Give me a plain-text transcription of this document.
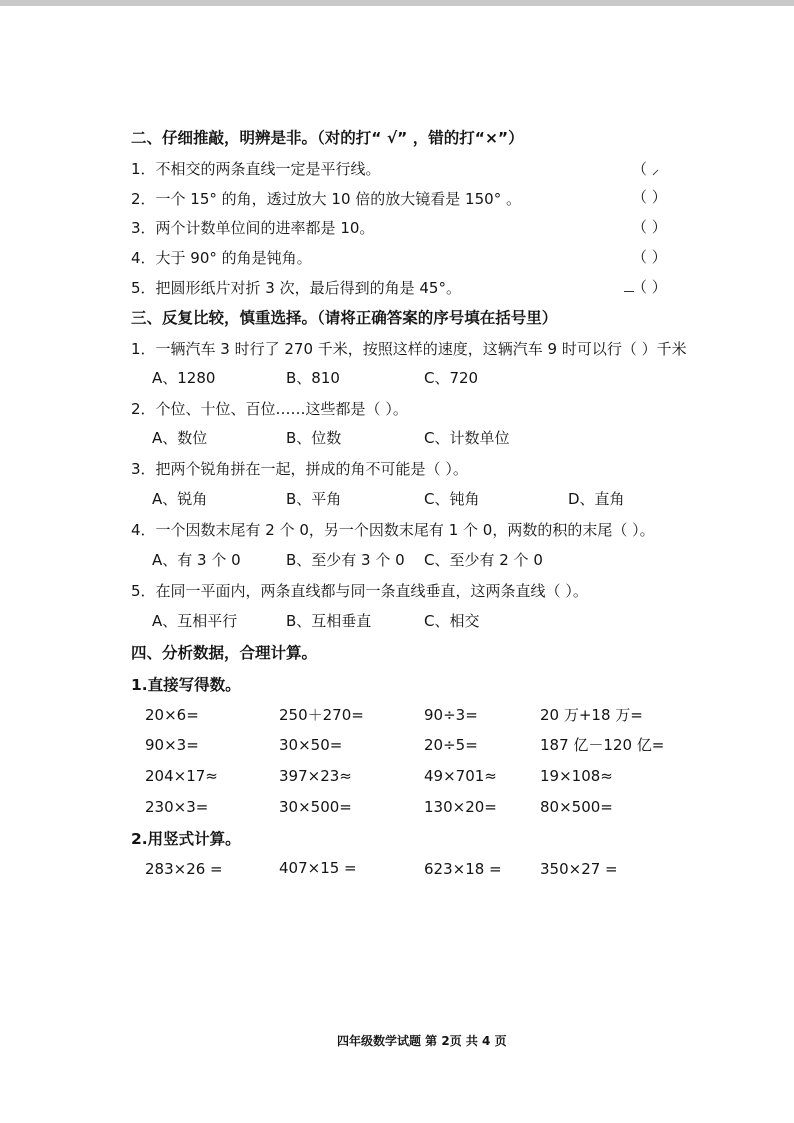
二、仔细推敲，明辨是非。（对的打“ √” ，错的打“×”）
1．不相交的两条直线一定是平行线。	（ ⸝
2．一个 15° 的角，透过放大 10 倍的放大镜看是 150° 。	（ ）
3．两个计数单位间的进率都是 10。	（ ）
4．大于 90° 的角是钝角。	（ ）
5．把圆形纸片对折 3 次，最后得到的角是 45°。	（ ）
三、反复比较，慎重选择。（请将正确答案的序号填在括号里）
1．一辆汽车 3 时行了 270 千米，按照这样的速度，这辆汽车 9 时可以行（ ）千米
A、1280	B、810	C、720
2．个位、十位、百位……这些都是（ ）。
A、数位	B、位数	C、计数单位
3．把两个锐角拼在一起，拼成的角不可能是（ ）。
A、锐角	B、平角	C、钝角	D、直角
4．一个因数末尾有 2 个 0，另一个因数末尾有 1 个 0，两数的积的末尾（ ）。
A、有 3 个 0	B、至少有 3 个 0 C、至少有 2 个 0
5．在同一平面内，两条直线都与同一条直线垂直，这两条直线（ ）。
A、互相平行	B、互相垂直	C、相交
四、分析数据，合理计算。
1.直接写得数。
20×6=	250＋270=	90÷3=	20 万+18 万=
90×3=	30×50=	20÷5=	187 亿－120 亿=
204×17≈	397×23≈	49×701≈	19×108≈
230×3=	30×500=	130×20=	80×500=
2.用竖式计算。
283×26 =	407×15 =	623×18 =	350×27 =
四年级数学试题 第 2页 共 4 页
